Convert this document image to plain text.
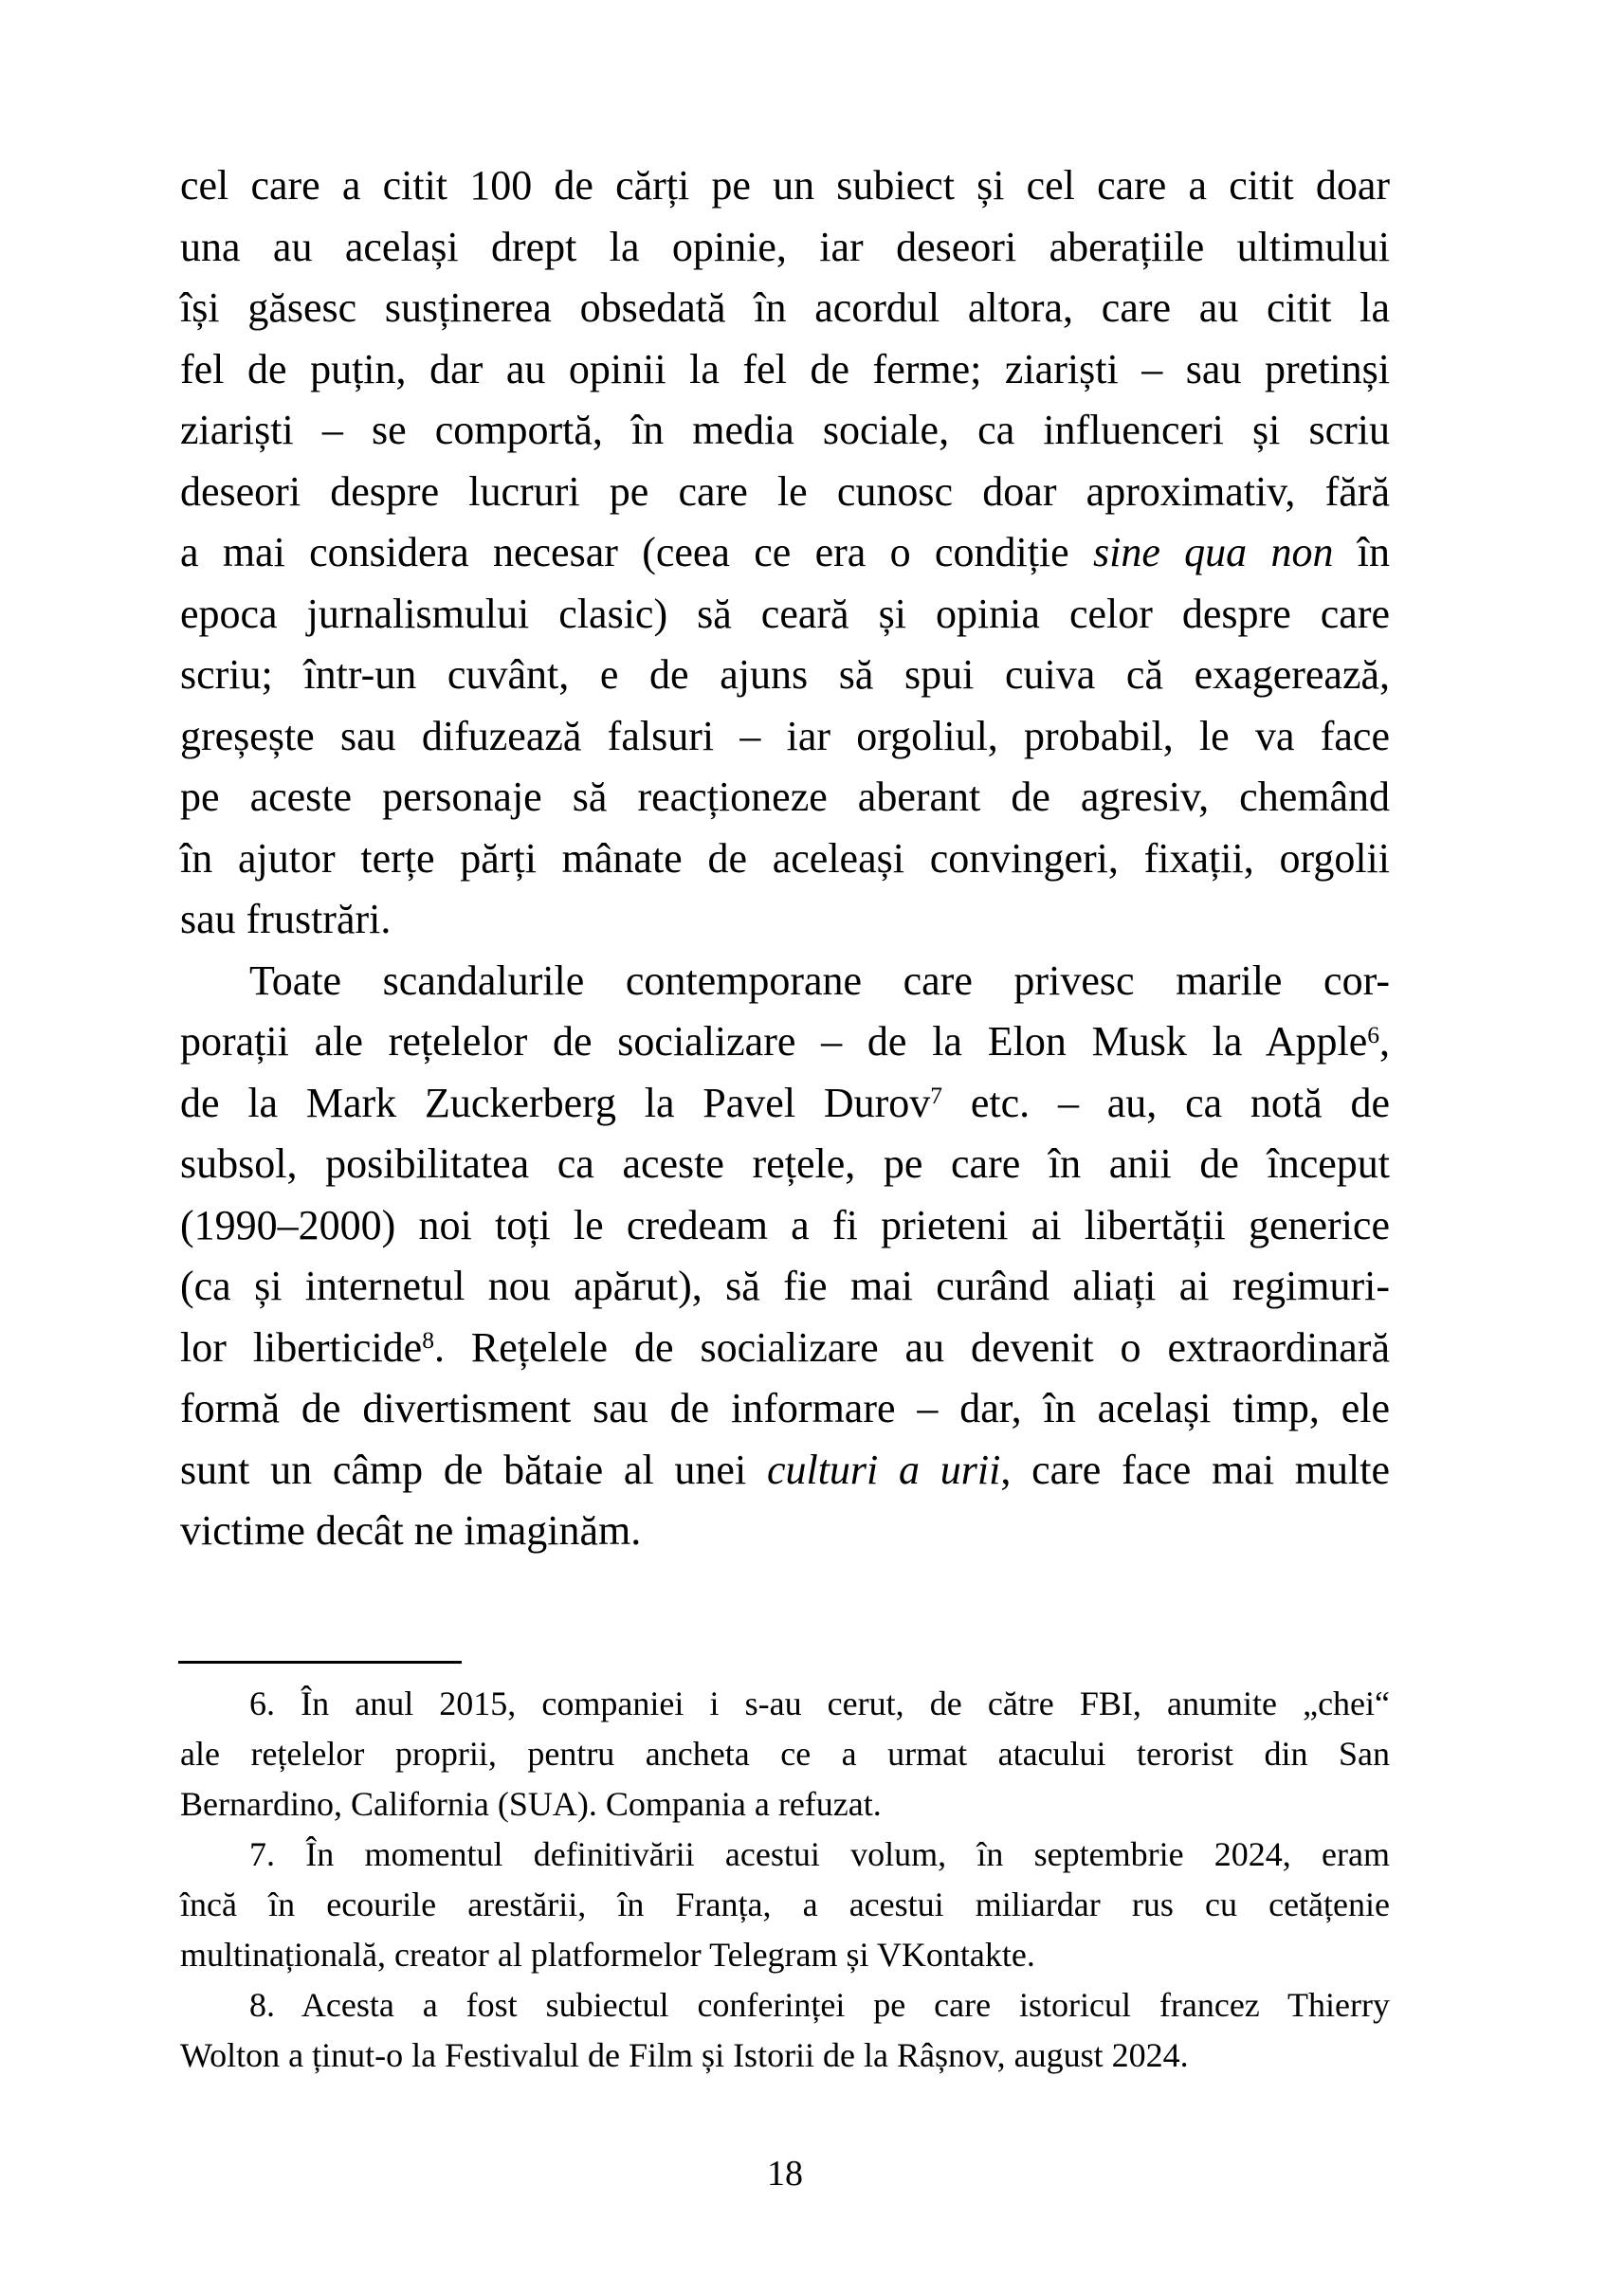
cel care a citit 100 de cărți pe un subiect și cel care a citit doar
una au același drept la opinie, iar deseori aberațiile ultimului
își găsesc susținerea obsedată în acordul altora, care au citit la
fel de puțin, dar au opinii la fel de ferme; ziariști – sau pretinși
ziariști – se comportă, în media sociale, ca influenceri și scriu
deseori despre lucruri pe care le cunosc doar aproximativ, fără
a mai considera necesar (ceea ce era o condiție sine qua non în
epoca jurnalismului clasic) să ceară și opinia celor despre care
scriu; într-un cuvânt, e de ajuns să spui cuiva că exagerează,
greșește sau difuzează falsuri – iar orgoliul, probabil, le va face
pe aceste personaje să reacționeze aberant de agresiv, chemând
în ajutor terțe părți mânate de aceleași convingeri, fixații, orgolii
sau frustrări.
Toate scandalurile contemporane care privesc marile cor-
porații ale rețelelor de socializare – de la Elon Musk la Apple$^6$,
de la Mark Zuckerberg la Pavel Durov$^7$ etc. – au, ca notă de
subsol, posibilitatea ca aceste rețele, pe care în anii de început
(1990–2000) noi toți le credeam a fi prieteni ai libertății generice
(ca și internetul nou apărut), să fie mai curând aliați ai regimuri-
lor liberticide$^8$. Rețelele de socializare au devenit o extraordinară
formă de divertisment sau de informare – dar, în același timp, ele
sunt un câmp de bătaie al unei culturi a urii, care face mai multe
victime decât ne imaginăm.
6. În anul 2015, companiei i s-au cerut, de către FBI, anumite „chei“
ale rețelelor proprii, pentru ancheta ce a urmat atacului terorist din San
Bernardino, California (SUA). Compania a refuzat.
7. În momentul definitivării acestui volum, în septembrie 2024, eram
încă în ecourile arestării, în Franța, a acestui miliardar rus cu cetățenie
multinațională, creator al platformelor Telegram și VKontakte.
8. Acesta a fost subiectul conferinței pe care istoricul francez Thierry
Wolton a ținut-o la Festivalul de Film și Istorii de la Râșnov, august 2024.
18
